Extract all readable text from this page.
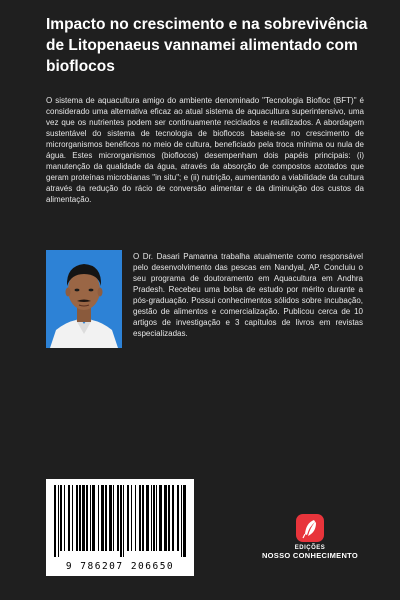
Impacto no crescimento e na sobrevivência de Litopenaeus vannamei alimentado com bioflocos

O sistema de aquacultura amigo do ambiente denominado "Tecnologia Biofloc (BFT)" é considerado uma alternativa eficaz ao atual sistema de aquacultura superintensivo, uma vez que os nutrientes podem ser continuamente reciclados e reutilizados. A abordagem sustentável do sistema de tecnologia de bioflocos baseia-se no crescimento de microrganismos benéficos no meio de cultura, beneficiado pela troca mínima ou nula de água. Estes microrganismos (bioflocos) desempenham dois papéis principais: (i) manutenção da qualidade da água, através da absorção de compostos azotados que geram proteínas microbianas "in situ"; e (ii) nutrição, aumentando a viabilidade da cultura através da redução do rácio de conversão alimentar e da diminuição dos custos da alimentação.

O Dr. Dasari Pamanna trabalha atualmente como responsável pelo desenvolvimento das pescas em Nandyal, AP. Concluiu o seu programa de doutoramento em Aquacultura em Andhra Pradesh. Recebeu uma bolsa de estudo por mérito durante a pós-graduação. Possui conhecimentos sólidos sobre incubação, gestão de alimentos e comercialização. Publicou cerca de 10 artigos de investigação e 3 capítulos de livros em revistas especializadas.

9 786207 206650
EDIÇÕES
NOSSO CONHECIMENTO
